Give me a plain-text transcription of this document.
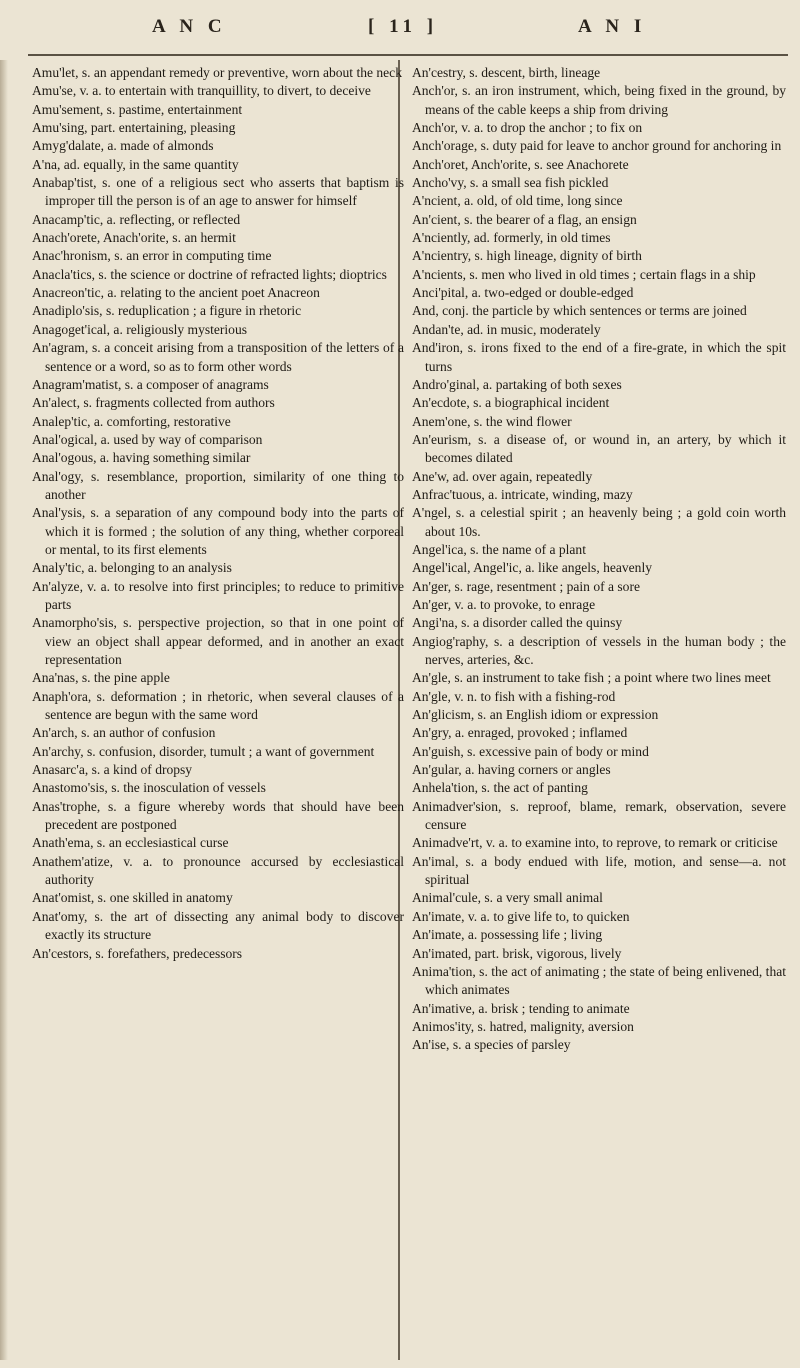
A N C	[ 11 ]	A N I
Amu'let, s. an appendant remedy or preventive, worn about the neck
Amu'se, v. a. to entertain with tranquillity, to divert, to deceive
Amu'sement, s. pastime, entertainment
Amu'sing, part. entertaining, pleasing
Amyg'dalate, a. made of almonds
A'na, ad. equally, in the same quantity
Anabap'tist, s. one of a religious sect who asserts that baptism is improper till the person is of an age to answer for himself
Anacamp'tic, a. reflecting, or reflected
Anach'orete, Anach'orite, s. an hermit
Anac'hronism, s. an error in computing time
Anacla'tics, s. the science or doctrine of refracted lights; dioptrics
Anacreon'tic, a. relating to the ancient poet Anacreon
Anadiplo'sis, s. reduplication ; a figure in rhetoric
Anagoget'ical, a. religiously mysterious
An'agram, s. a conceit arising from a transposition of the letters of a sentence or a word, so as to form other words
Anagram'matist, s. a composer of anagrams
An'alect, s. fragments collected from authors
Analep'tic, a. comforting, restorative
Anal'ogical, a. used by way of comparison
Anal'ogous, a. having something similar
Anal'ogy, s. resemblance, proportion, similarity of one thing to another
Anal'ysis, s. a separation of any compound body into the parts of which it is formed ; the solution of any thing, whether corporeal or mental, to its first elements
Analy'tic, a. belonging to an analysis
An'alyze, v. a. to resolve into first principles; to reduce to primitive parts
Anamorpho'sis, s. perspective projection, so that in one point of view an object shall appear deformed, and in another an exact representation
Ana'nas, s. the pine apple
Anaph'ora, s. deformation ; in rhetoric, when several clauses of a sentence are begun with the same word
An'arch, s. an author of confusion
An'archy, s. confusion, disorder, tumult ; a want of government
Anasarc'a, s. a kind of dropsy
Anastomo'sis, s. the inosculation of vessels
Anas'trophe, s. a figure whereby words that should have been precedent are postponed
Anath'ema, s. an ecclesiastical curse
Anathem'atize, v. a. to pronounce accursed by ecclesiastical authority
Anat'omist, s. one skilled in anatomy
Anat'omy, s. the art of dissecting any animal body to discover exactly its structure
An'cestors, s. forefathers, predecessors
An'cestry, s. descent, birth, lineage
Anch'or, s. an iron instrument, which, being fixed in the ground, by means of the cable keeps a ship from driving
Anch'or, v. a. to drop the anchor ; to fix on
Anch'orage, s. duty paid for leave to anchor ground for anchoring in
Anch'oret, Anch'orite, s. see Anachorete
Ancho'vy, s. a small sea fish pickled
A'ncient, a. old, of old time, long since
An'cient, s. the bearer of a flag, an ensign
A'nciently, ad. formerly, in old times
A'ncientry, s. high lineage, dignity of birth
A'ncients, s. men who lived in old times ; certain flags in a ship
Anci'pital, a. two-edged or double-edged
And, conj. the particle by which sentences or terms are joined
Andan'te, ad. in music, moderately
And'iron, s. irons fixed to the end of a fire-grate, in which the spit turns
Andro'ginal, a. partaking of both sexes
An'ecdote, s. a biographical incident
Anem'one, s. the wind flower
An'eurism, s. a disease of, or wound in, an artery, by which it becomes dilated
Ane'w, ad. over again, repeatedly
Anfrac'tuous, a. intricate, winding, mazy
A'ngel, s. a celestial spirit ; an heavenly being ; a gold coin worth about 10s.
Angel'ica, s. the name of a plant
Angel'ical, Angel'ic, a. like angels, heavenly
An'ger, s. rage, resentment ; pain of a sore
An'ger, v. a. to provoke, to enrage
Angi'na, s. a disorder called the quinsy
Angiog'raphy, s. a description of vessels in the human body ; the nerves, arteries, &c.
An'gle, s. an instrument to take fish ; a point where two lines meet
An'gle, v. n. to fish with a fishing-rod
An'glicism, s. an English idiom or expression
An'gry, a. enraged, provoked ; inflamed
An'guish, s. excessive pain of body or mind
An'gular, a. having corners or angles
Anhela'tion, s. the act of panting
Animadver'sion, s. reproof, blame, remark, observation, severe censure
Animadve'rt, v. a. to examine into, to reprove, to remark or criticise
An'imal, s. a body endued with life, motion, and sense—a. not spiritual
Animal'cule, s. a very small animal
An'imate, v. a. to give life to, to quicken
An'imate, a. possessing life ; living
An'imated, part. brisk, vigorous, lively
Anima'tion, s. the act of animating ; the state of being enlivened, that which animates
An'imative, a. brisk ; tending to animate
Animos'ity, s. hatred, malignity, aversion
An'ise, s. a species of parsley
